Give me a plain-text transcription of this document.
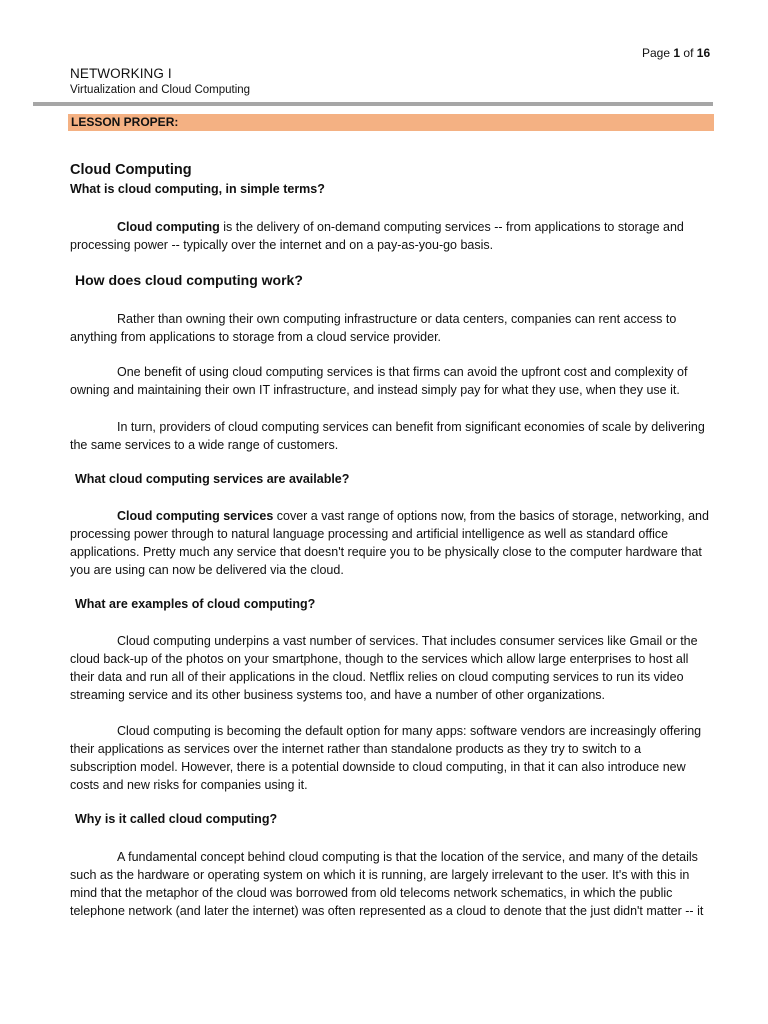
Page 1 of 16
NETWORKING I
Virtualization and Cloud Computing
LESSON PROPER:
Cloud Computing
What is cloud computing, in simple terms?

Cloud computing is the delivery of on-demand computing services -- from applications to storage and processing power -- typically over the internet and on a pay-as-you-go basis.

How does cloud computing work?

Rather than owning their own computing infrastructure or data centers, companies can rent access to anything from applications to storage from a cloud service provider.

One benefit of using cloud computing services is that firms can avoid the upfront cost and complexity of owning and maintaining their own IT infrastructure, and instead simply pay for what they use, when they use it.

In turn, providers of cloud computing services can benefit from significant economies of scale by delivering the same services to a wide range of customers.

What cloud computing services are available?

Cloud computing services cover a vast range of options now, from the basics of storage, networking, and processing power through to natural language processing and artificial intelligence as well as standard office applications. Pretty much any service that doesn't require you to be physically close to the computer hardware that you are using can now be delivered via the cloud.

What are examples of cloud computing?

Cloud computing underpins a vast number of services. That includes consumer services like Gmail or the cloud back-up of the photos on your smartphone, though to the services which allow large enterprises to host all their data and run all of their applications in the cloud. Netflix relies on cloud computing services to run its video streaming service and its other business systems too, and have a number of other organizations.

Cloud computing is becoming the default option for many apps: software vendors are increasingly offering their applications as services over the internet rather than standalone products as they try to switch to a subscription model. However, there is a potential downside to cloud computing, in that it can also introduce new costs and new risks for companies using it.

Why is it called cloud computing?

A fundamental concept behind cloud computing is that the location of the service, and many of the details such as the hardware or operating system on which it is running, are largely irrelevant to the user. It's with this in mind that the metaphor of the cloud was borrowed from old telecoms network schematics, in which the public telephone network (and later the internet) was often represented as a cloud to denote that the just didn't matter -- it
